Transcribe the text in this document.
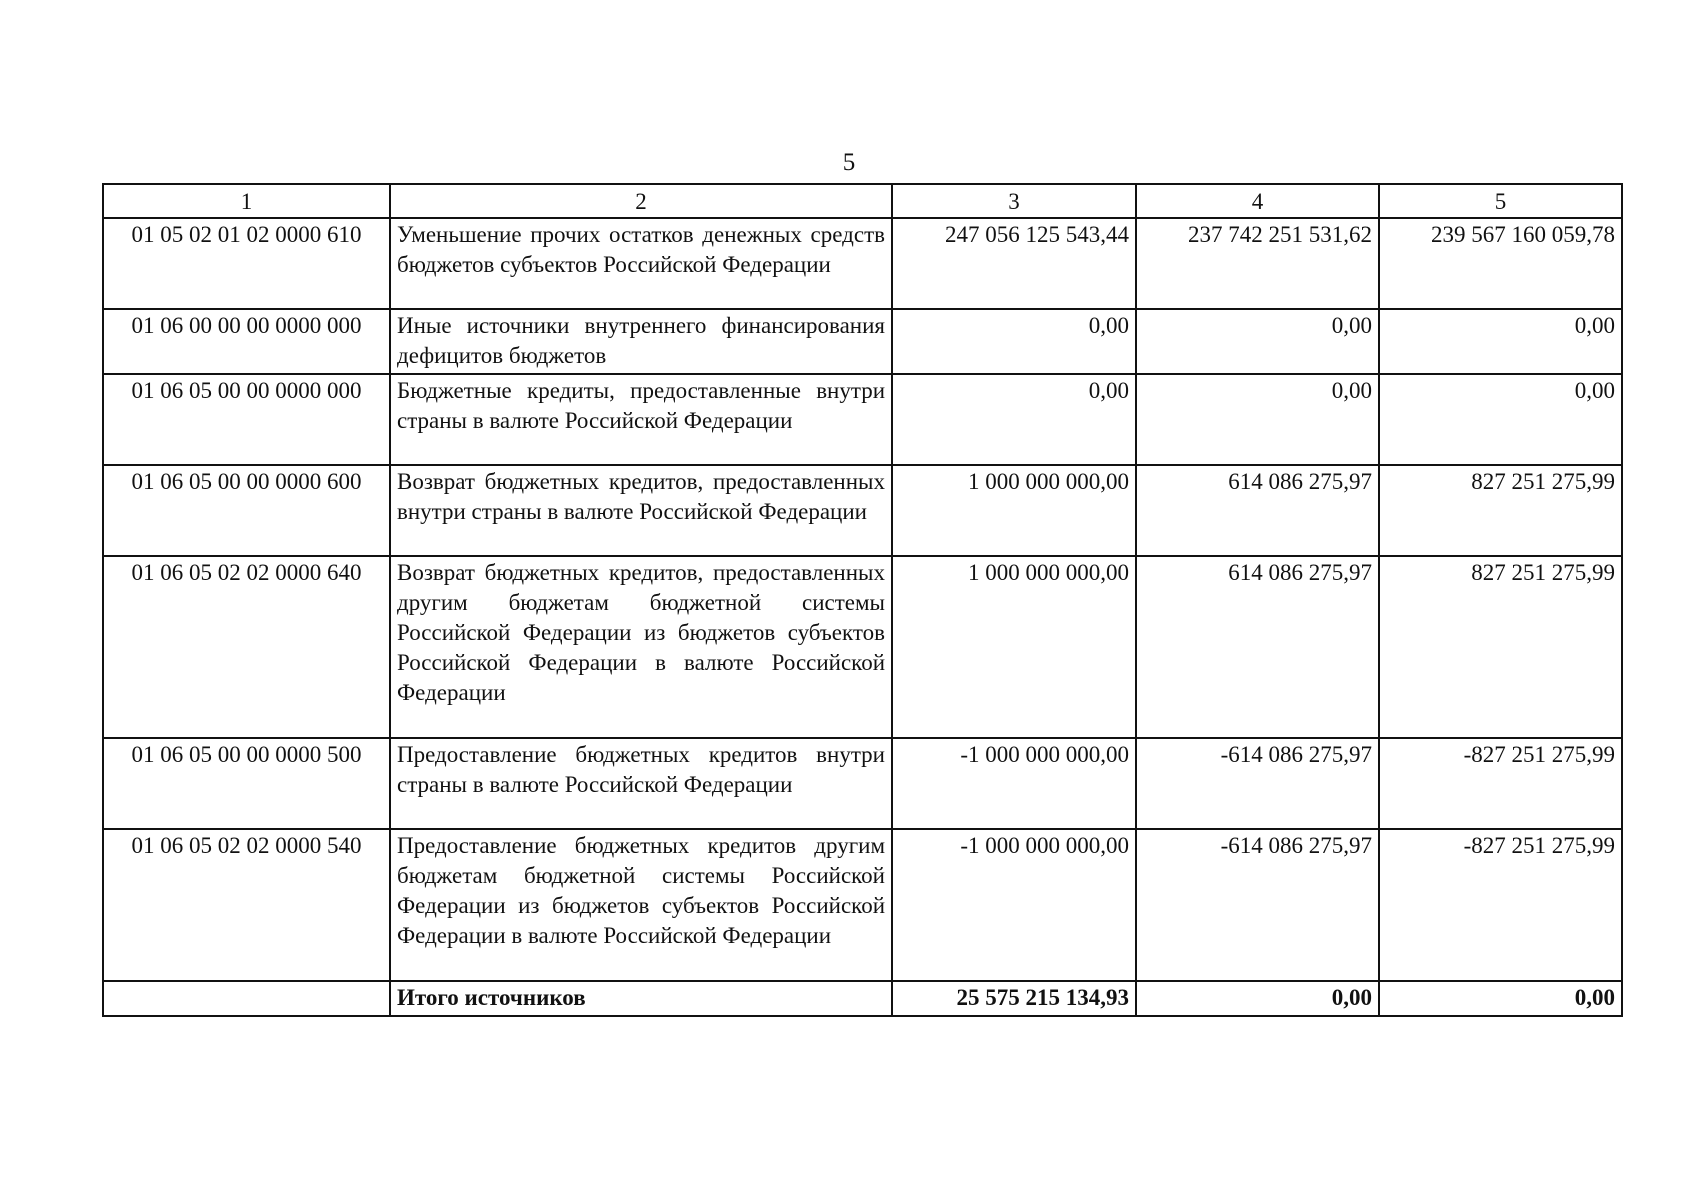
5
1	2	3	4	5
01 05 02 01 02 0000 610	Уменьшение прочих остатков денежных средств бюджетов субъектов Российской Федерации	247 056 125 543,44	237 742 251 531,62	239 567 160 059,78
01 06 00 00 00 0000 000	Иные источники внутреннего финансирования дефицитов бюджетов	0,00	0,00	0,00
01 06 05 00 00 0000 000	Бюджетные кредиты, предоставленные внутри страны в валюте Российской Федерации	0,00	0,00	0,00
01 06 05 00 00 0000 600	Возврат бюджетных кредитов, предоставленных внутри страны в валюте Российской Федерации	1 000 000 000,00	614 086 275,97	827 251 275,99
01 06 05 02 02 0000 640	Возврат бюджетных кредитов, предоставленных другим бюджетам бюджетной системы Российской Федерации из бюджетов субъектов Российской Федерации в валюте Российской Федерации	1 000 000 000,00	614 086 275,97	827 251 275,99
01 06 05 00 00 0000 500	Предоставление бюджетных кредитов внутри страны в валюте Российской Федерации	-1 000 000 000,00	-614 086 275,97	-827 251 275,99
01 06 05 02 02 0000 540	Предоставление бюджетных кредитов другим бюджетам бюджетной системы Российской Федерации из бюджетов субъектов Российской Федерации в валюте Российской Федерации	-1 000 000 000,00	-614 086 275,97	-827 251 275,99
	Итого источников	25 575 215 134,93	0,00	0,00
